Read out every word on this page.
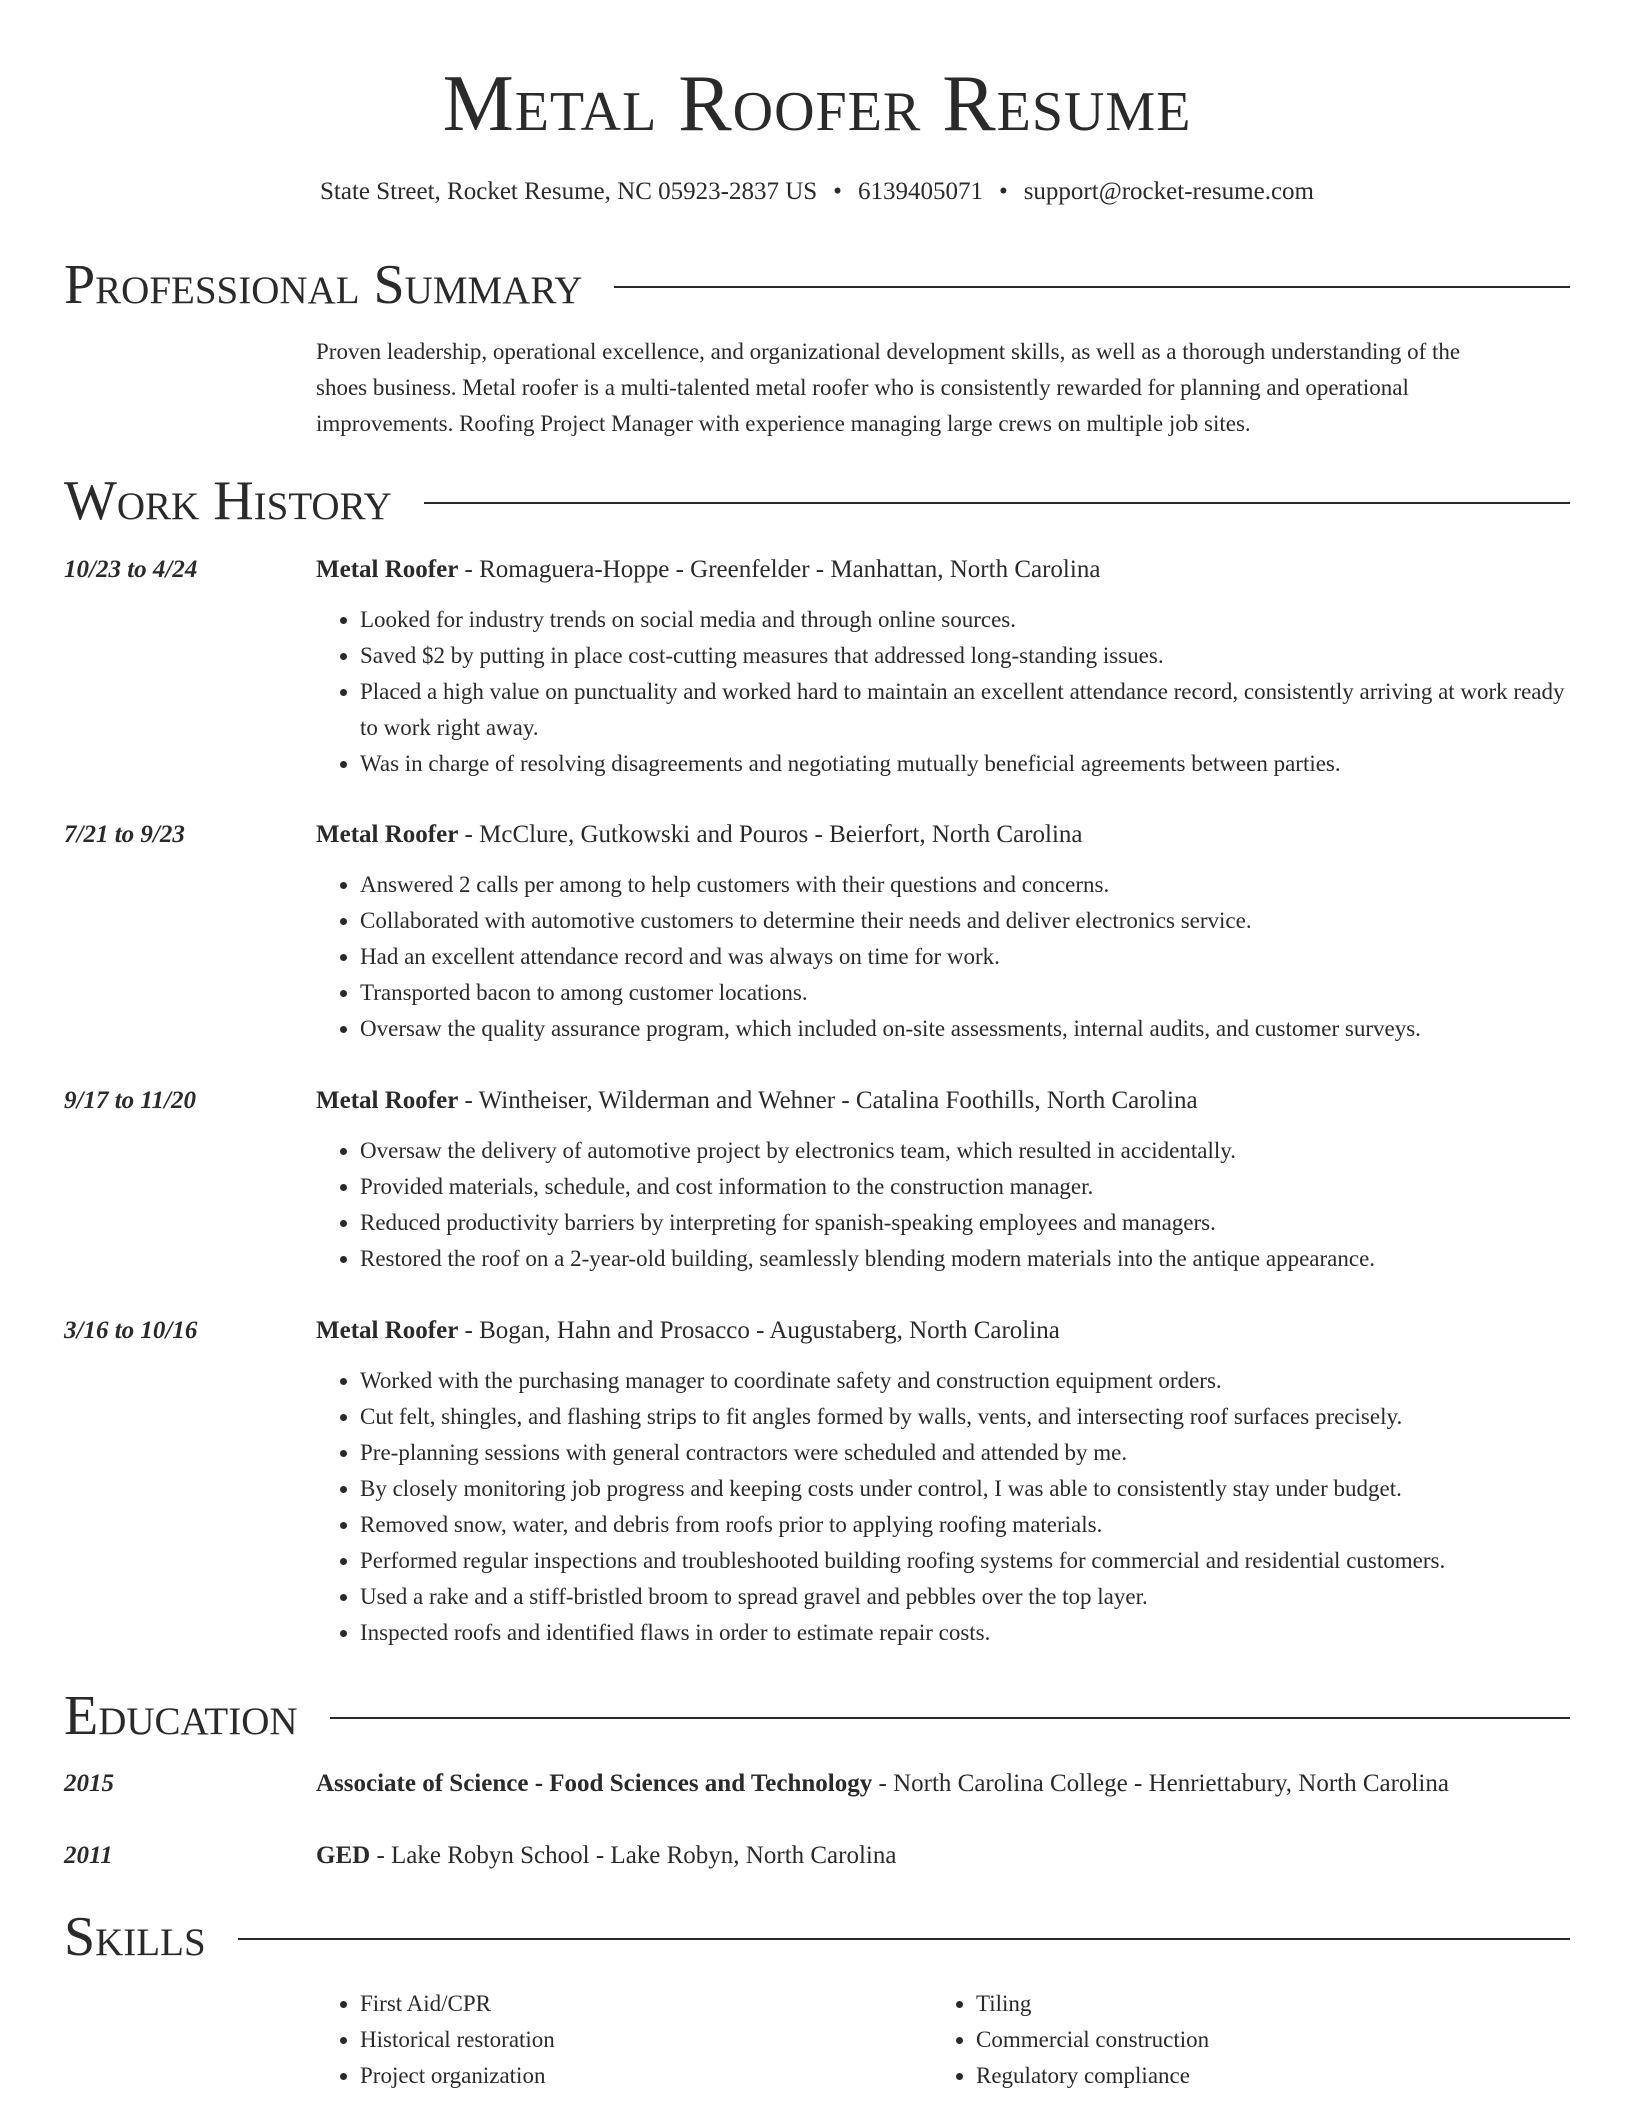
Metal Roofer Resume
State Street, Rocket Resume, NC 05923-2837 US • 6139405071 • support@rocket-resume.com
Professional Summary
Proven leadership, operational excellence, and organizational development skills, as well as a thorough understanding of the
shoes business. Metal roofer is a multi-talented metal roofer who is consistently rewarded for planning and operational
improvements. Roofing Project Manager with experience managing large crews on multiple job sites.
Work History
10/23 to 4/24	Metal Roofer - Romaguera-Hoppe - Greenfelder - Manhattan, North Carolina
• Looked for industry trends on social media and through online sources.
• Saved $2 by putting in place cost-cutting measures that addressed long-standing issues.
• Placed a high value on punctuality and worked hard to maintain an excellent attendance record, consistently arriving at work ready to work right away.
• Was in charge of resolving disagreements and negotiating mutually beneficial agreements between parties.
7/21 to 9/23	Metal Roofer - McClure, Gutkowski and Pouros - Beierfort, North Carolina
• Answered 2 calls per among to help customers with their questions and concerns.
• Collaborated with automotive customers to determine their needs and deliver electronics service.
• Had an excellent attendance record and was always on time for work.
• Transported bacon to among customer locations.
• Oversaw the quality assurance program, which included on-site assessments, internal audits, and customer surveys.
9/17 to 11/20	Metal Roofer - Wintheiser, Wilderman and Wehner - Catalina Foothills, North Carolina
• Oversaw the delivery of automotive project by electronics team, which resulted in accidentally.
• Provided materials, schedule, and cost information to the construction manager.
• Reduced productivity barriers by interpreting for spanish-speaking employees and managers.
• Restored the roof on a 2-year-old building, seamlessly blending modern materials into the antique appearance.
3/16 to 10/16	Metal Roofer - Bogan, Hahn and Prosacco - Augustaberg, North Carolina
• Worked with the purchasing manager to coordinate safety and construction equipment orders.
• Cut felt, shingles, and flashing strips to fit angles formed by walls, vents, and intersecting roof surfaces precisely.
• Pre-planning sessions with general contractors were scheduled and attended by me.
• By closely monitoring job progress and keeping costs under control, I was able to consistently stay under budget.
• Removed snow, water, and debris from roofs prior to applying roofing materials.
• Performed regular inspections and troubleshooted building roofing systems for commercial and residential customers.
• Used a rake and a stiff-bristled broom to spread gravel and pebbles over the top layer.
• Inspected roofs and identified flaws in order to estimate repair costs.
Education
2015	Associate of Science - Food Sciences and Technology - North Carolina College - Henriettabury, North Carolina
2011	GED - Lake Robyn School - Lake Robyn, North Carolina
Skills
• First Aid/CPR
• Historical restoration
• Project organization
• Tiling
• Commercial construction
• Regulatory compliance
